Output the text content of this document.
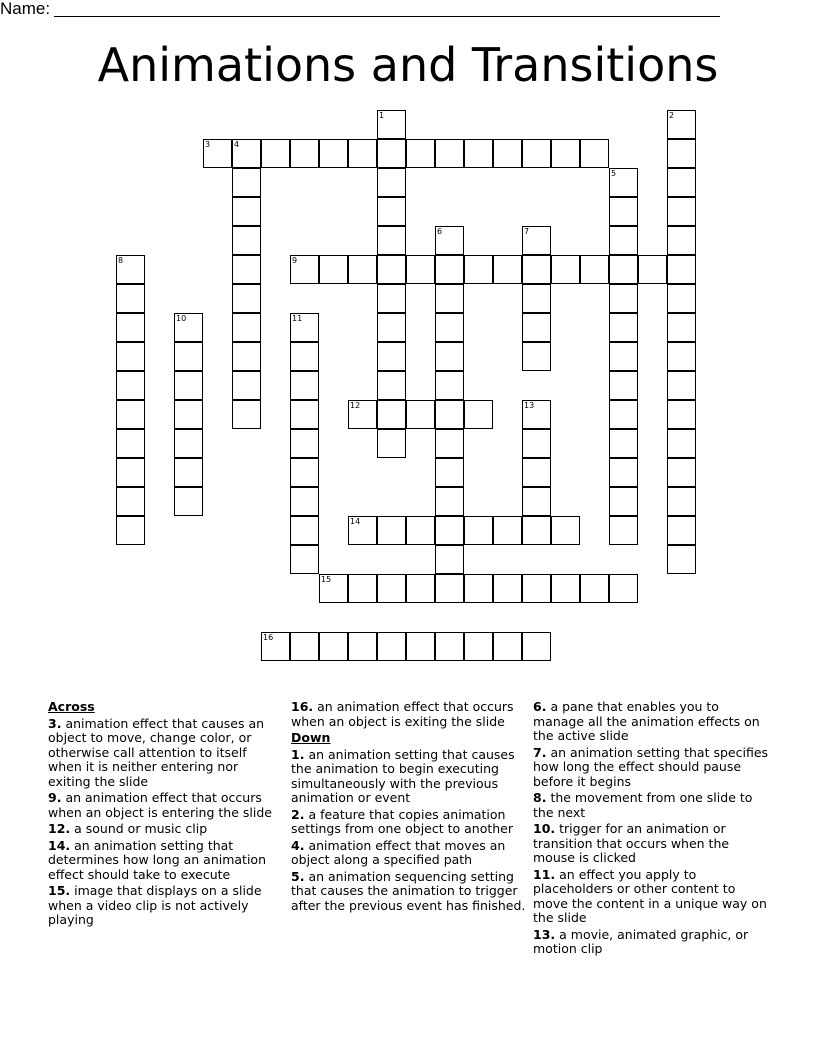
Name:
Animations and Transitions
1	2
3	4
5
6	7
8	9
10	11
12	13
14
15
16
Across
3. animation effect that causes an object to move, change color, or otherwise call attention to itself when it is neither entering nor exiting the slide
9. an animation effect that occurs when an object is entering the slide
12. a sound or music clip
14. an animation setting that determines how long an animation effect should take to execute
15. image that displays on a slide when a video clip is not actively playing
16. an animation effect that occurs when an object is exiting the slide
Down
1. an animation setting that causes the animation to begin executing simultaneously with the previous animation or event
2. a feature that copies animation settings from one object to another
4. animation effect that moves an object along a specified path
5. an animation sequencing setting that causes the animation to trigger after the previous event has finished.
6. a pane that enables you to manage all the animation effects on the active slide
7. an animation setting that specifies how long the effect should pause before it begins
8. the movement from one slide to the next
10. trigger for an animation or transition that occurs when the mouse is clicked
11. an effect you apply to placeholders or other content to move the content in a unique way on the slide
13. a movie, animated graphic, or motion clip
